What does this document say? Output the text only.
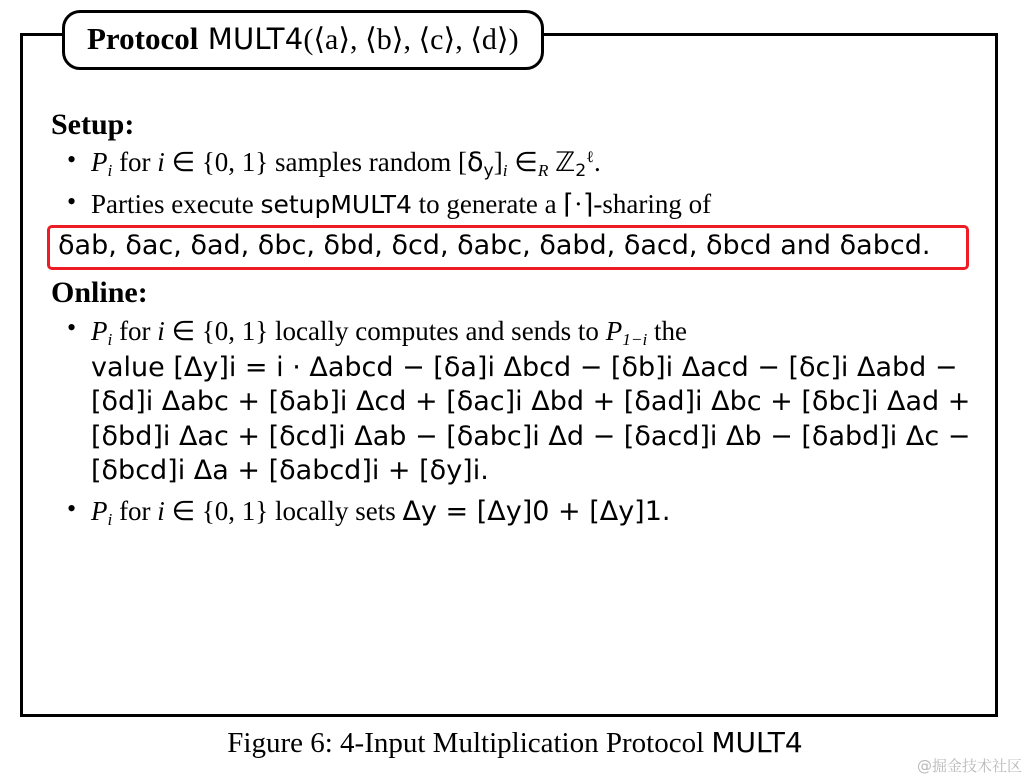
Setup:
• Pi for i ∈ {0, 1} samples random $[\delta_y]i$ ∈R ℤ$_2^\ell$.
• Parties execute setupMULT4 to generate a ⌈·⌉-sharing of
δab, δac, δad, δbc, δbd, δcd, δabc, δabd, δacd, δbcd and δabcd.
Online:
• Pi for i ∈ {0, 1} locally computes and sends to P1−i the
value [Δy]i = i · Δabcd − [δa]i Δbcd − [δb]i Δacd − [δc]i Δabd −
[δd]i Δabc + [δab]i Δcd + [δac]i Δbd + [δad]i Δbc + [δbc]i Δad +
[δbd]i Δac + [δcd]i Δab − [δabc]i Δd − [δacd]i Δb − [δabd]i Δc −
[δbcd]i Δa + [δabcd]i + [δy]i.
• Pi for i ∈ {0, 1} locally sets Δy = [Δy]0 + [Δy]1.
Protocol MULT4(⟨a⟩, ⟨b⟩, ⟨c⟩, ⟨d⟩)
Figure 6: 4-Input Multiplication Protocol MULT4
@掘金技术社区
